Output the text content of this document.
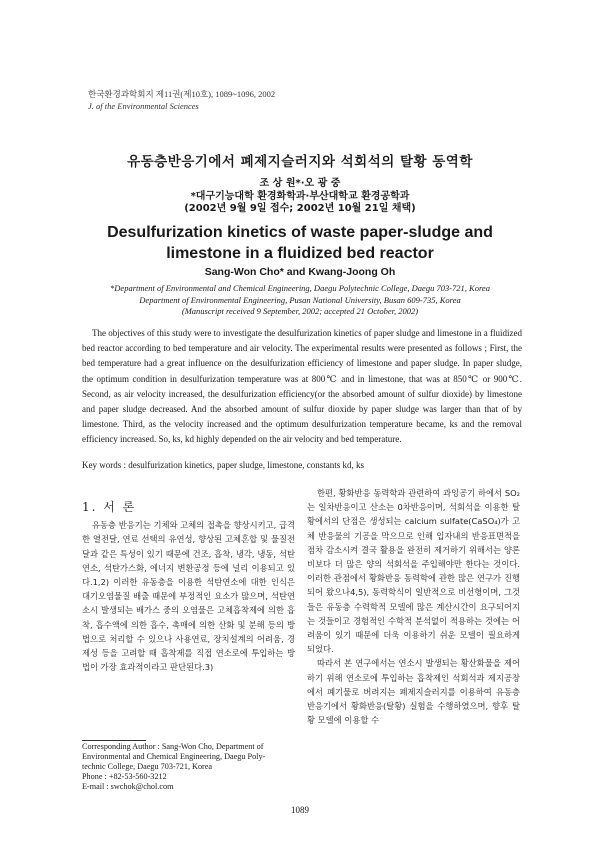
한국환경과학회지 제11권(제10호), 1089~1096, 2002
J. of the Environmental Sciences
유동층반응기에서 폐제지슬러지와 석회석의 탈황 동역학
조 상 원*·오 광 중
*대구기능대학 환경화학과·부산대학교 환경공학과
(2002년 9월 9일 접수; 2002년 10월 21일 채택)
Desulfurization kinetics of waste paper-sludge and
limestone in a fluidized bed reactor
Sang-Won Cho* and Kwang-Joong Oh
*Department of Environmental and Chemical Engineering, Daegu Polytechnic College, Daegu 703-721, Korea
Department of Environmental Engineering, Pusan National University, Busan 609-735, Korea
(Manuscript received 9 September, 2002; accepted 21 October, 2002)
The objectives of this study were to investigate the desulfurization kinetics of paper sludge and limestone in a fluidized bed reactor according to bed temperature and air velocity. The experimental results were presented as follows ; First, the bed temperature had a great influence on the desulfurization efficiency of limestone and paper sludge. In paper sludge, the optimum condition in desulfurization temperature was at 800℃ and in limestone, that was at 850℃ or 900℃. Second, as air velocity increased, the desulfurization efficiency(or the absorbed amount of sulfur dioxide) by limestone and paper sludge decreased. And the absorbed amount of sulfur dioxide by paper sludge was larger than that of by limestone. Third, as the velocity increased and the optimum desulfurization temperature became, ks and the removal efficiency increased. So, ks, kd highly depended on the air velocity and bed temperature.
Key words : desulfurization kinetics, paper sludge, limestone, constants kd, ks
1. 서 론

유동층 반응기는 기체와 고체의 접촉을 향상시키고, 급격한 열전달, 연료 선택의 유연성, 향상된 고체혼합 및 물질전달과 같은 특성이 있기 때문에 건조, 흡착, 냉각, 냉동, 석탄연소, 석탄가스화, 에너지 변환공정 등에 널리 이용되고 있다.1,2) 이러한 유동층을 이용한 석탄연소에 대한 인식은 대기오염물질 배출 때문에 부정적인 요소가 많으며, 석탄연소시 발생되는 배가스 중의 오염물은 고체흡착제에 의한 흡착, 흡수액에 의한 흡수, 촉매에 의한 산화 및 분해 등의 방법으로 처리할 수 있으나 사용연료, 장치설계의 어려움, 경제성 등을 고려할 때 흡착제를 직접 연소로에 투입하는 방법이 가장 효과적이라고 판단된다.3)

한편, 황화반응 동력학과 관련하여 과잉공기 하에서 SO₂는 일차반응이고 산소는 0차반응이며, 석회석을 이용한 탈황에서의 단점은 생성되는 calcium sulfate(CaSO₄)가 고체 반응물의 기공을 막으므로 인해 입자내의 반응표면적을 점차 감소시켜 결국 활용을 완전히 제거하기 위해서는 양론비보다 더 많은 양의 석회석을 주입해야만 한다는 것이다. 이러한 관점에서 황화반응 동력학에 관한 많은 연구가 진행되어 왔으나4,5), 동력학식이 일반적으로 비선형이며, 그것들은 유동층 수력학적 모델에 많은 계산시간이 요구되어지는 것들이고 경험적인 수학적 분석없이 적용하는 것에는 어려움이 있기 때문에 더욱 이용하기 쉬운 모델이 필요하게 되었다.

따라서 본 연구에서는 연소시 발생되는 황산화물을 제어하기 위해 연소로에 투입하는 흡착제인 석회석과 제지공장에서 폐기물로 버려지는 폐제지슬러지를 이용하여 유동층반응기에서 황화반응(탈황) 실험을 수행하였으며, 향후 탈황 모델에 이용할 수

Corresponding Author : Sang-Won Cho, Department of
Environmental and Chemical Engineering, Daegu Poly-
technic College, Daegu 703-721, Korea
Phone : +82-53-560-3212
E-mail : swchok@chol.com
1089
